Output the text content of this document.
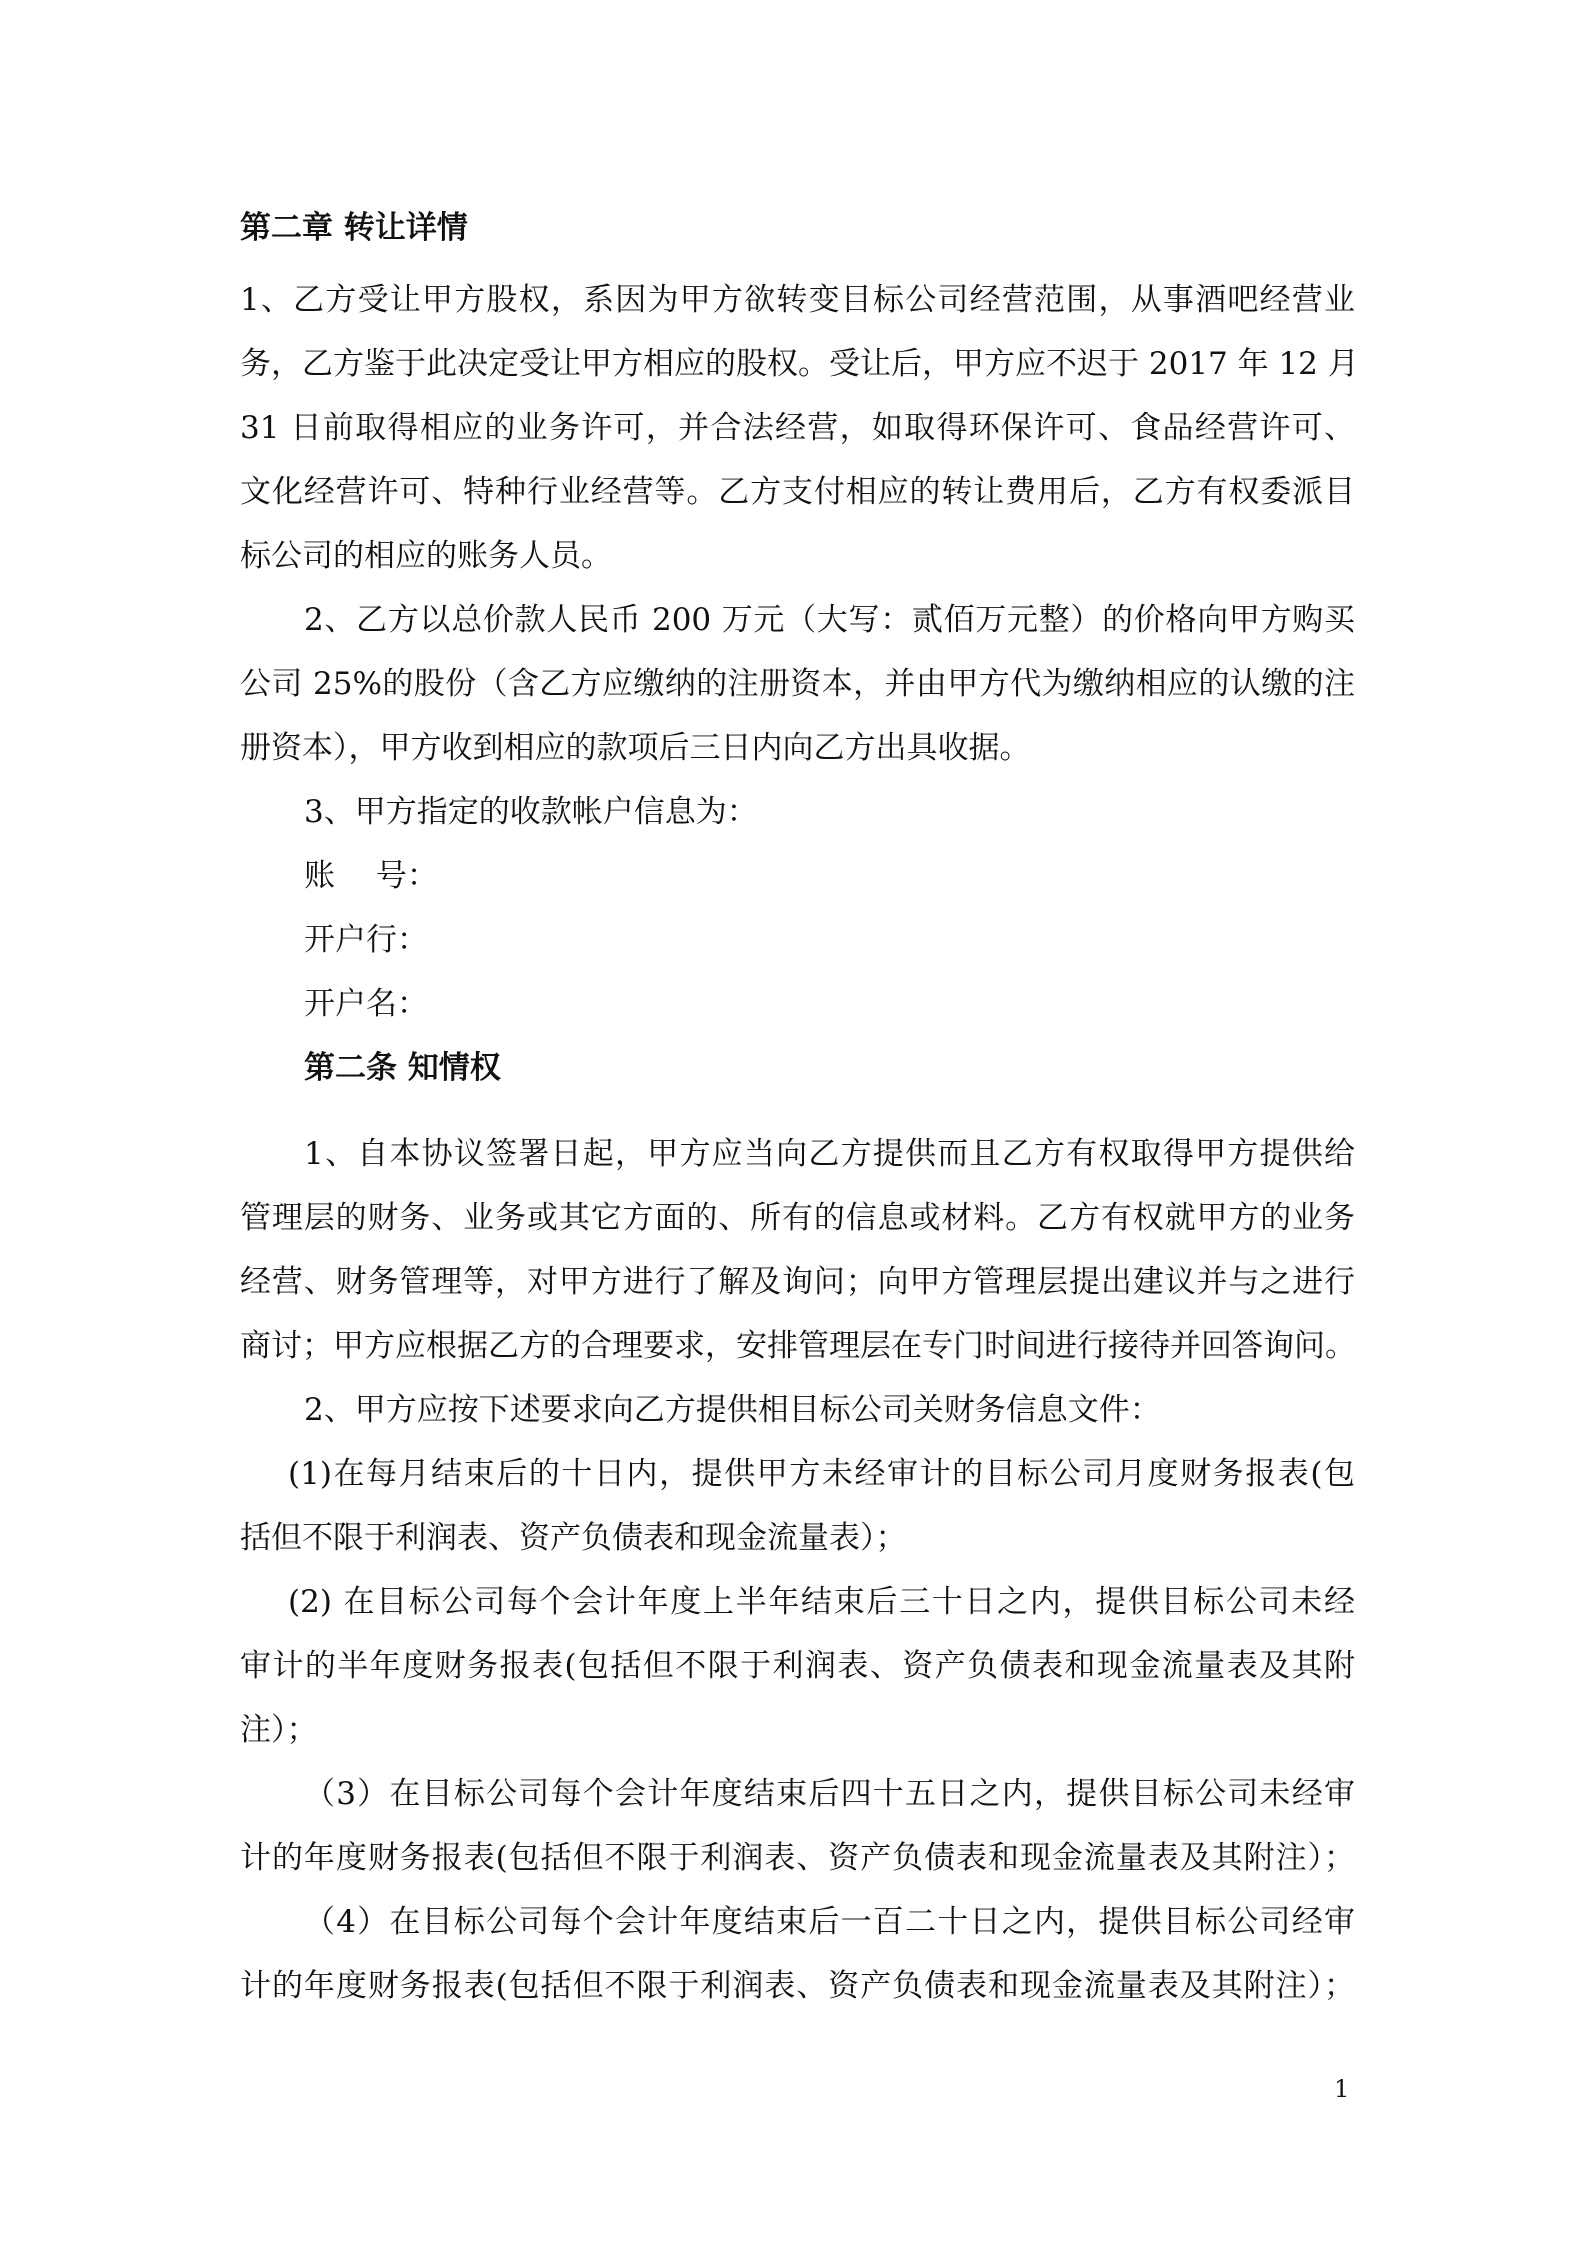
第二章 转让详情
1、乙方受让甲方股权，系因为甲方欲转变目标公司经营范围，从事酒吧经营业
务，乙方鉴于此决定受让甲方相应的股权。受让后，甲方应不迟于 2017 年 12 月
31 日前取得相应的业务许可，并合法经营，如取得环保许可、食品经营许可、
文化经营许可、特种行业经营等。乙方支付相应的转让费用后，乙方有权委派目
标公司的相应的账务人员。
2、乙方以总价款人民币 200 万元（大写：贰佰万元整）的价格向甲方购买
公司 25%的股份（含乙方应缴纳的注册资本，并由甲方代为缴纳相应的认缴的注
册资本），甲方收到相应的款项后三日内向乙方出具收据。
3、甲方指定的收款帐户信息为：
账　 号：
开户行：
开户名：
第二条 知情权
1、自本协议签署日起，甲方应当向乙方提供而且乙方有权取得甲方提供给
管理层的财务、业务或其它方面的、所有的信息或材料。乙方有权就甲方的业务
经营、财务管理等，对甲方进行了解及询问；向甲方管理层提出建议并与之进行
商讨；甲方应根据乙方的合理要求，安排管理层在专门时间进行接待并回答询问。
2、甲方应按下述要求向乙方提供相目标公司关财务信息文件：
(1)在每月结束后的十日内，提供甲方未经审计的目标公司月度财务报表(包
括但不限于利润表、资产负债表和现金流量表）；
(2) 在目标公司每个会计年度上半年结束后三十日之内，提供目标公司未经
审计的半年度财务报表(包括但不限于利润表、资产负债表和现金流量表及其附
注）；
（3）在目标公司每个会计年度结束后四十五日之内，提供目标公司未经审
计的年度财务报表(包括但不限于利润表、资产负债表和现金流量表及其附注）；
（4）在目标公司每个会计年度结束后一百二十日之内，提供目标公司经审
计的年度财务报表(包括但不限于利润表、资产负债表和现金流量表及其附注）；
1
